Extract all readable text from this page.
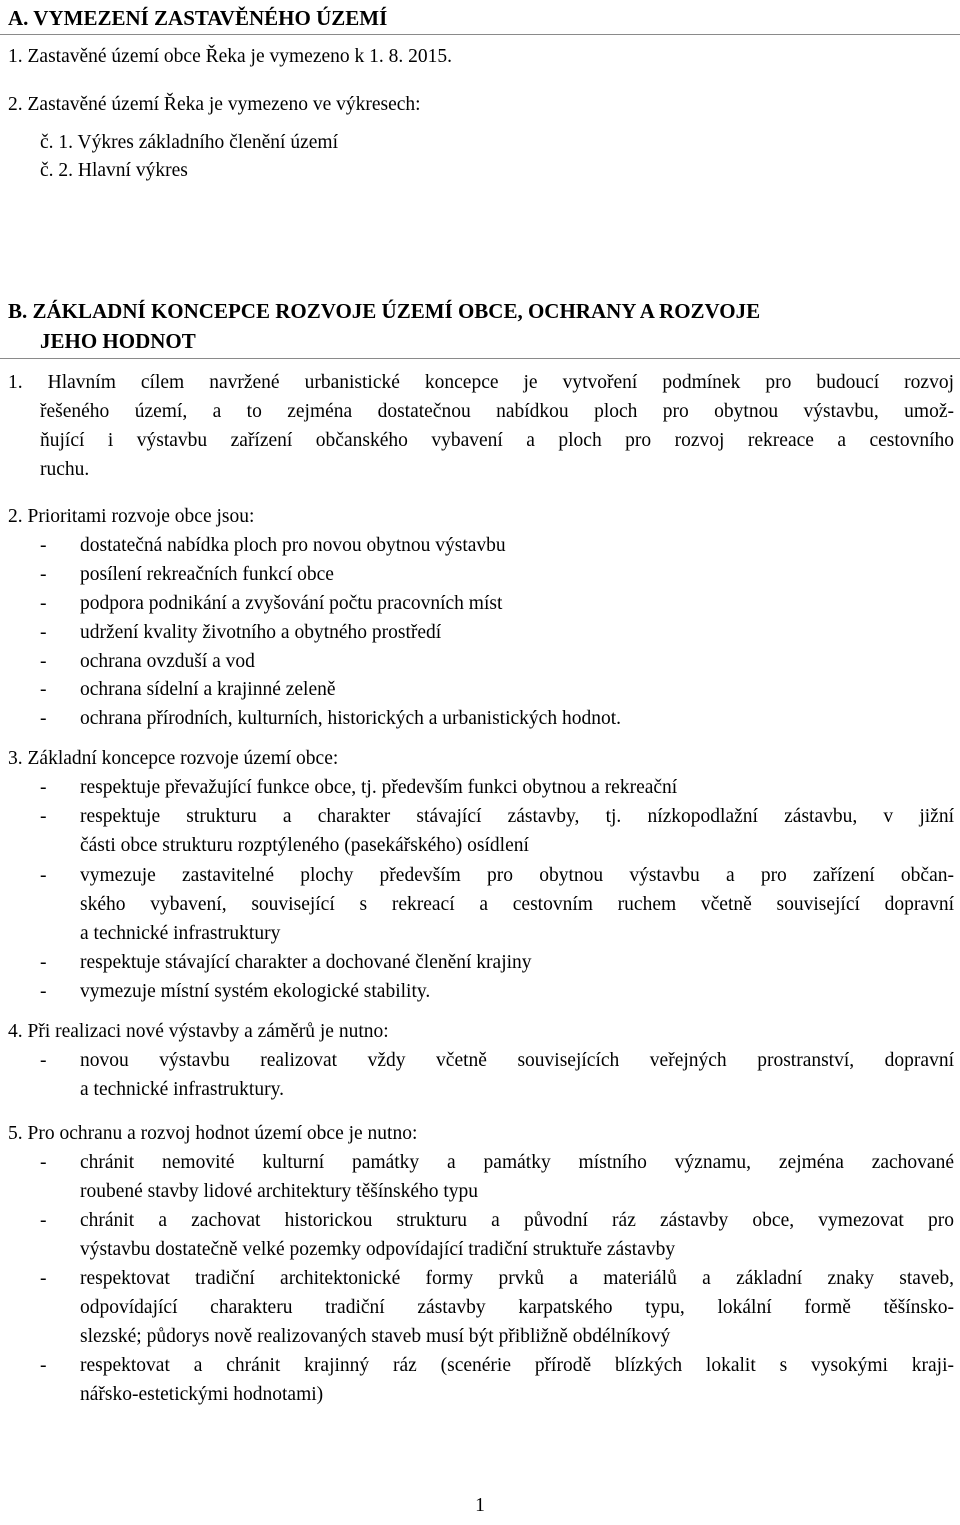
A. VYMEZENÍ ZASTAVĚNÉHO ÚZEMÍ
1. Zastavěné území obce Řeka je vymezeno k 1. 8. 2015.
2. Zastavěné území Řeka je vymezeno ve výkresech:
č. 1. Výkres základního členění území
č. 2. Hlavní výkres
B. ZÁKLADNÍ KONCEPCE ROZVOJE ÚZEMÍ OBCE, OCHRANY A ROZVOJE
JEHO HODNOT
1. Hlavním cílem navržené urbanistické koncepce je vytvoření podmínek pro budoucí rozvoj
řešeného území, a to zejména dostatečnou nabídkou ploch pro obytnou výstavbu, umož-
ňující i výstavbu zařízení občanského vybavení a ploch pro rozvoj rekreace a cestovního
ruchu.
2. Prioritami rozvoje obce jsou:
- dostatečná nabídka ploch pro novou obytnou výstavbu
- posílení rekreačních funkcí obce
- podpora podnikání a zvyšování počtu pracovních míst
- udržení kvality životního a obytného prostředí
- ochrana ovzduší a vod
- ochrana sídelní a krajinné zeleně
- ochrana přírodních, kulturních, historických a urbanistických hodnot.
3. Základní koncepce rozvoje území obce:
- respektuje převažující funkce obce, tj. především funkci obytnou a rekreační
- respektuje strukturu a charakter stávající zástavby, tj. nízkopodlažní zástavbu, v jižní
části obce strukturu rozptýleného (pasekářského) osídlení
- vymezuje zastavitelné plochy především pro obytnou výstavbu a pro zařízení občan-
ského vybavení, související s rekreací a cestovním ruchem včetně související dopravní
a technické infrastruktury
- respektuje stávající charakter a dochované členění krajiny
- vymezuje místní systém ekologické stability.
4. Při realizaci nové výstavby a záměrů je nutno:
- novou výstavbu realizovat vždy včetně souvisejících veřejných prostranství, dopravní
a technické infrastruktury.
5. Pro ochranu a rozvoj hodnot území obce je nutno:
- chránit nemovité kulturní památky a památky místního významu, zejména zachované
roubené stavby lidové architektury těšínského typu
- chránit a zachovat historickou strukturu a původní ráz zástavby obce, vymezovat pro
výstavbu dostatečně velké pozemky odpovídající tradiční struktuře zástavby
- respektovat tradiční architektonické formy prvků a materiálů a základní znaky staveb,
odpovídající charakteru tradiční zástavby karpatského typu, lokální formě těšínsko-
slezské; půdorys nově realizovaných staveb musí být přibližně obdélníkový
- respektovat a chránit krajinný ráz (scenérie přírodě blízkých lokalit s vysokými kraji-
nářsko-estetickými hodnotami)
1
